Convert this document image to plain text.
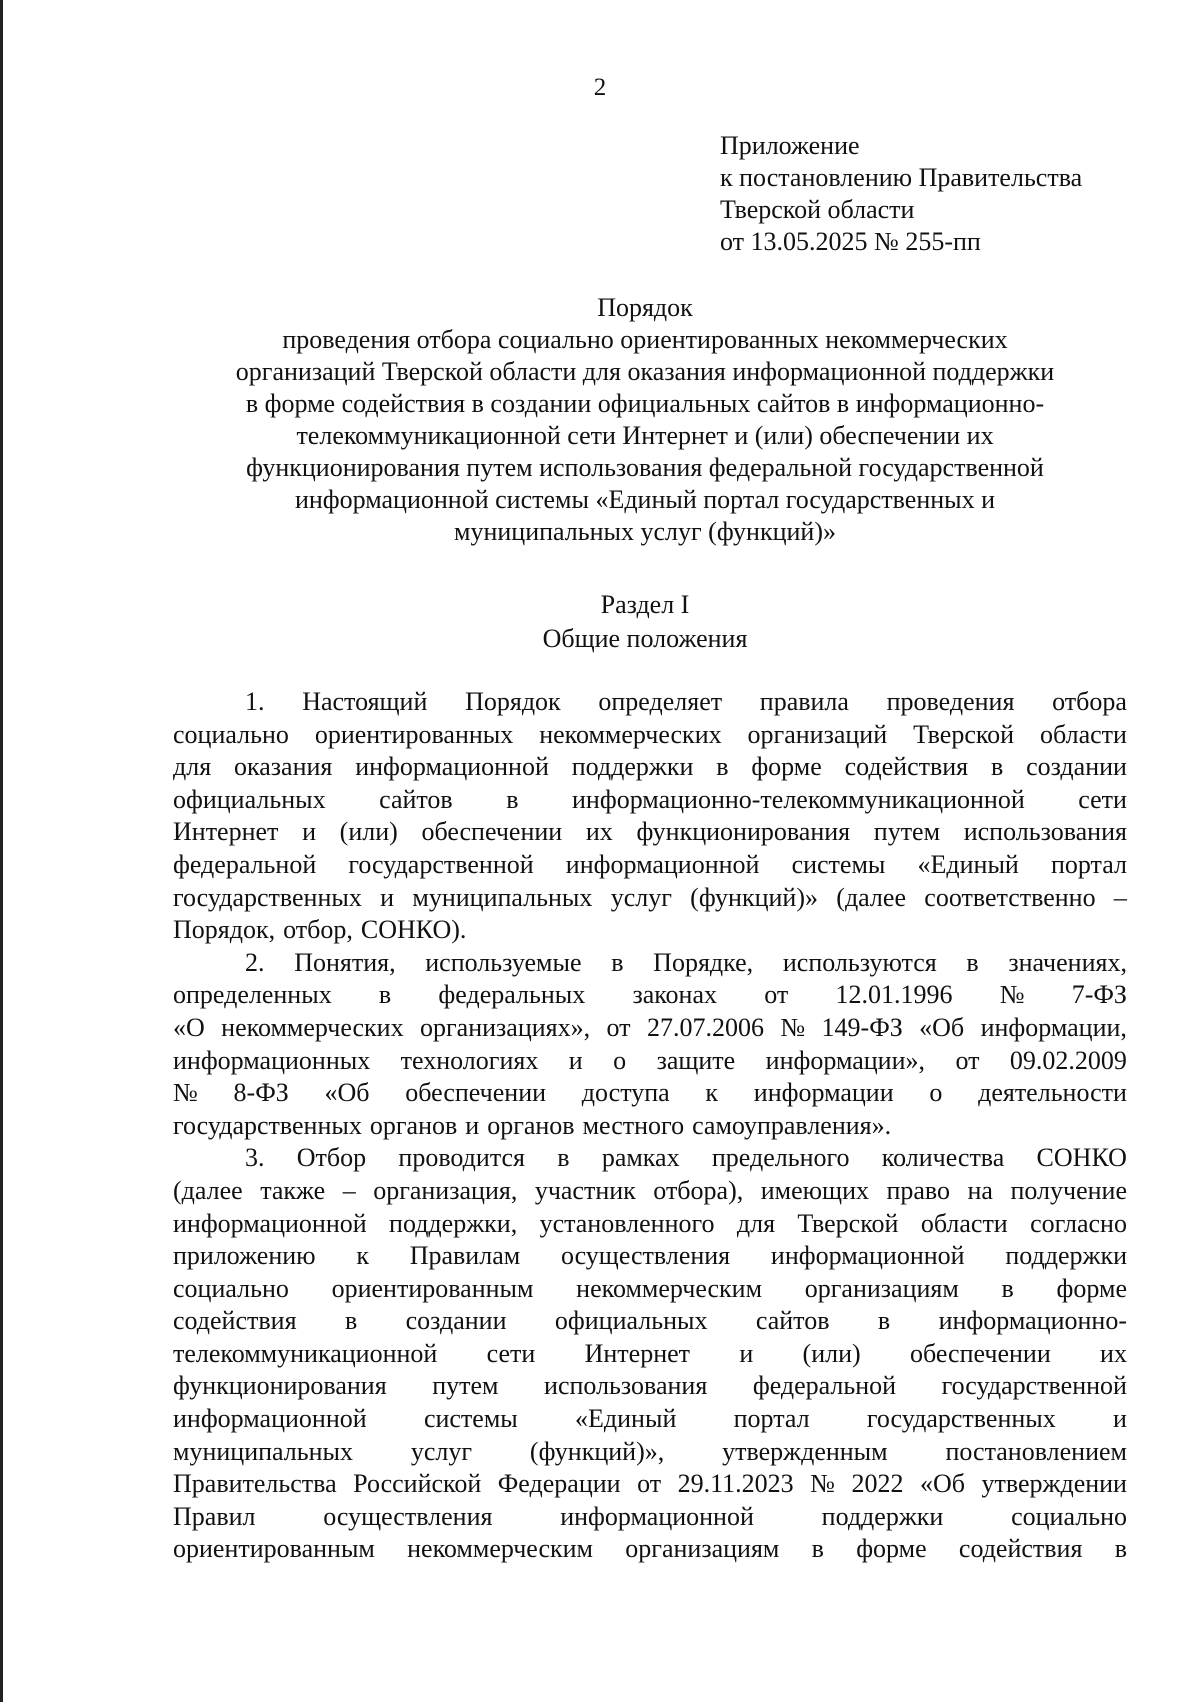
2
Приложение
к постановлению Правительства
Тверской области
от 13.05.2025 № 255-пп
Порядок
проведения отбора социально ориентированных некоммерческих
организаций Тверской области для оказания информационной поддержки
в форме содействия в создании официальных сайтов в информационно-
телекоммуникационной сети Интернет и (или) обеспечении их
функционирования путем использования федеральной государственной
информационной системы «Единый портал государственных и
муниципальных услуг (функций)»
Раздел I
Общие положения
1. Настоящий Порядок определяет правила проведения отбора
социально ориентированных некоммерческих организаций Тверской области
для оказания информационной поддержки в форме содействия в создании
официальных сайтов в информационно-телекоммуникационной сети
Интернет и (или) обеспечении их функционирования путем использования
федеральной государственной информационной системы «Единый портал
государственных и муниципальных услуг (функций)» (далее соответственно –
Порядок, отбор, СОНКО).
2. Понятия, используемые в Порядке, используются в значениях,
определенных в федеральных законах от 12.01.1996 № 7-ФЗ
«О некоммерческих организациях», от 27.07.2006 № 149-ФЗ «Об информации,
информационных технологиях и о защите информации», от 09.02.2009
№ 8-ФЗ «Об обеспечении доступа к информации о деятельности
государственных органов и органов местного самоуправления».
3. Отбор проводится в рамках предельного количества СОНКО
(далее также – организация, участник отбора), имеющих право на получение
информационной поддержки, установленного для Тверской области согласно
приложению к Правилам осуществления информационной поддержки
социально ориентированным некоммерческим организациям в форме
содействия в создании официальных сайтов в информационно-
телекоммуникационной сети Интернет и (или) обеспечении их
функционирования путем использования федеральной государственной
информационной системы «Единый портал государственных и
муниципальных услуг (функций)», утвержденным постановлением
Правительства Российской Федерации от 29.11.2023 № 2022 «Об утверждении
Правил	осуществления	информационной	поддержки	социально
ориентированным некоммерческим организациям в форме содействия в
